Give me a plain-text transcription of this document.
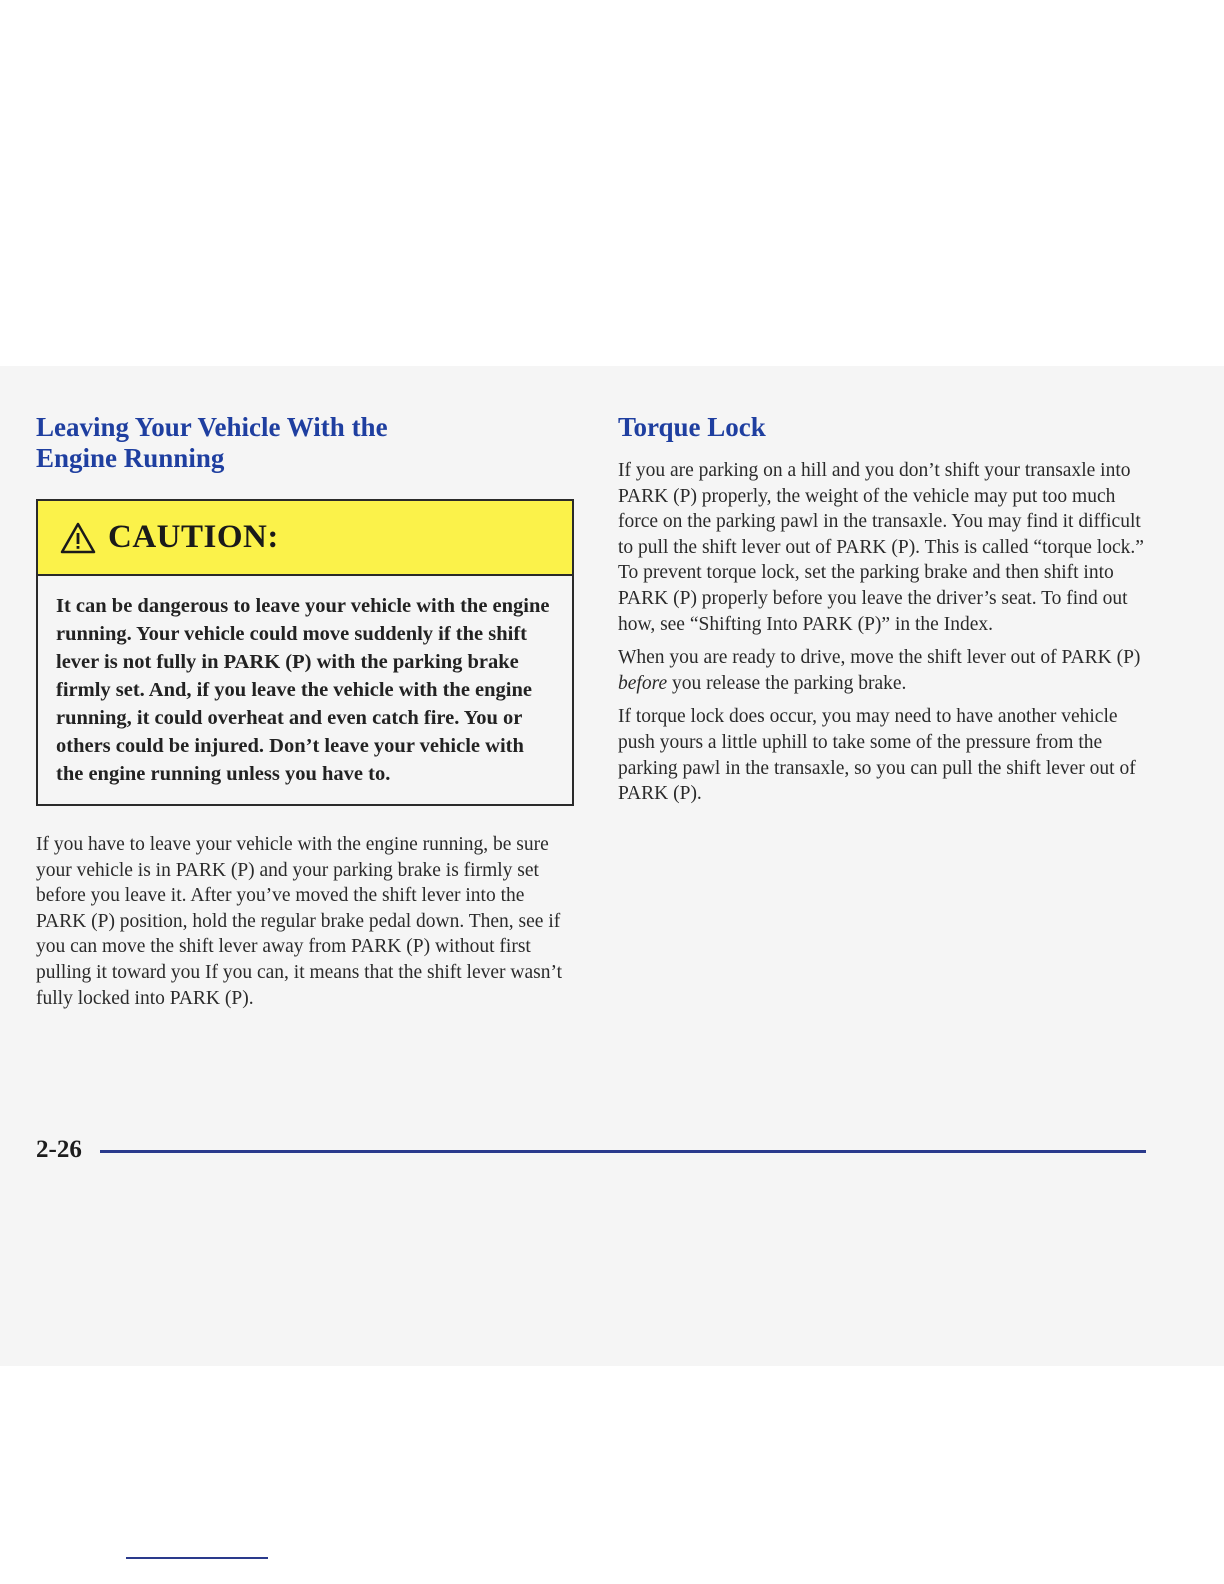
Leaving Your Vehicle With the
Engine Running
CAUTION:
It can be dangerous to leave your vehicle with the engine running. Your vehicle could move suddenly if the shift lever is not fully in PARK (P) with the parking brake firmly set. And, if you leave the vehicle with the engine running, it could overheat and even catch fire. You or others could be injured. Don’t leave your vehicle with the engine running unless you have to.

If you have to leave your vehicle with the engine running, be sure your vehicle is in PARK (P) and your parking brake is firmly set before you leave it. After you’ve moved the shift lever into the PARK (P) position, hold the regular brake pedal down. Then, see if you can move the shift lever away from PARK (P) without first pulling it toward you If you can, it means that the shift lever wasn’t fully locked into PARK (P).

Torque Lock

If you are parking on a hill and you don’t shift your transaxle into PARK (P) properly, the weight of the vehicle may put too much force on the parking pawl in the transaxle. You may find it difficult to pull the shift lever out of PARK (P). This is called “torque lock.” To prevent torque lock, set the parking brake and then shift into PARK (P) properly before you leave the driver’s seat. To find out how, see “Shifting Into PARK (P)” in the Index.

When you are ready to drive, move the shift lever out of PARK (P) before you release the parking brake.

If torque lock does occur, you may need to have another vehicle push yours a little uphill to take some of the pressure from the parking pawl in the transaxle, so you can pull the shift lever out of PARK (P).

2-26
